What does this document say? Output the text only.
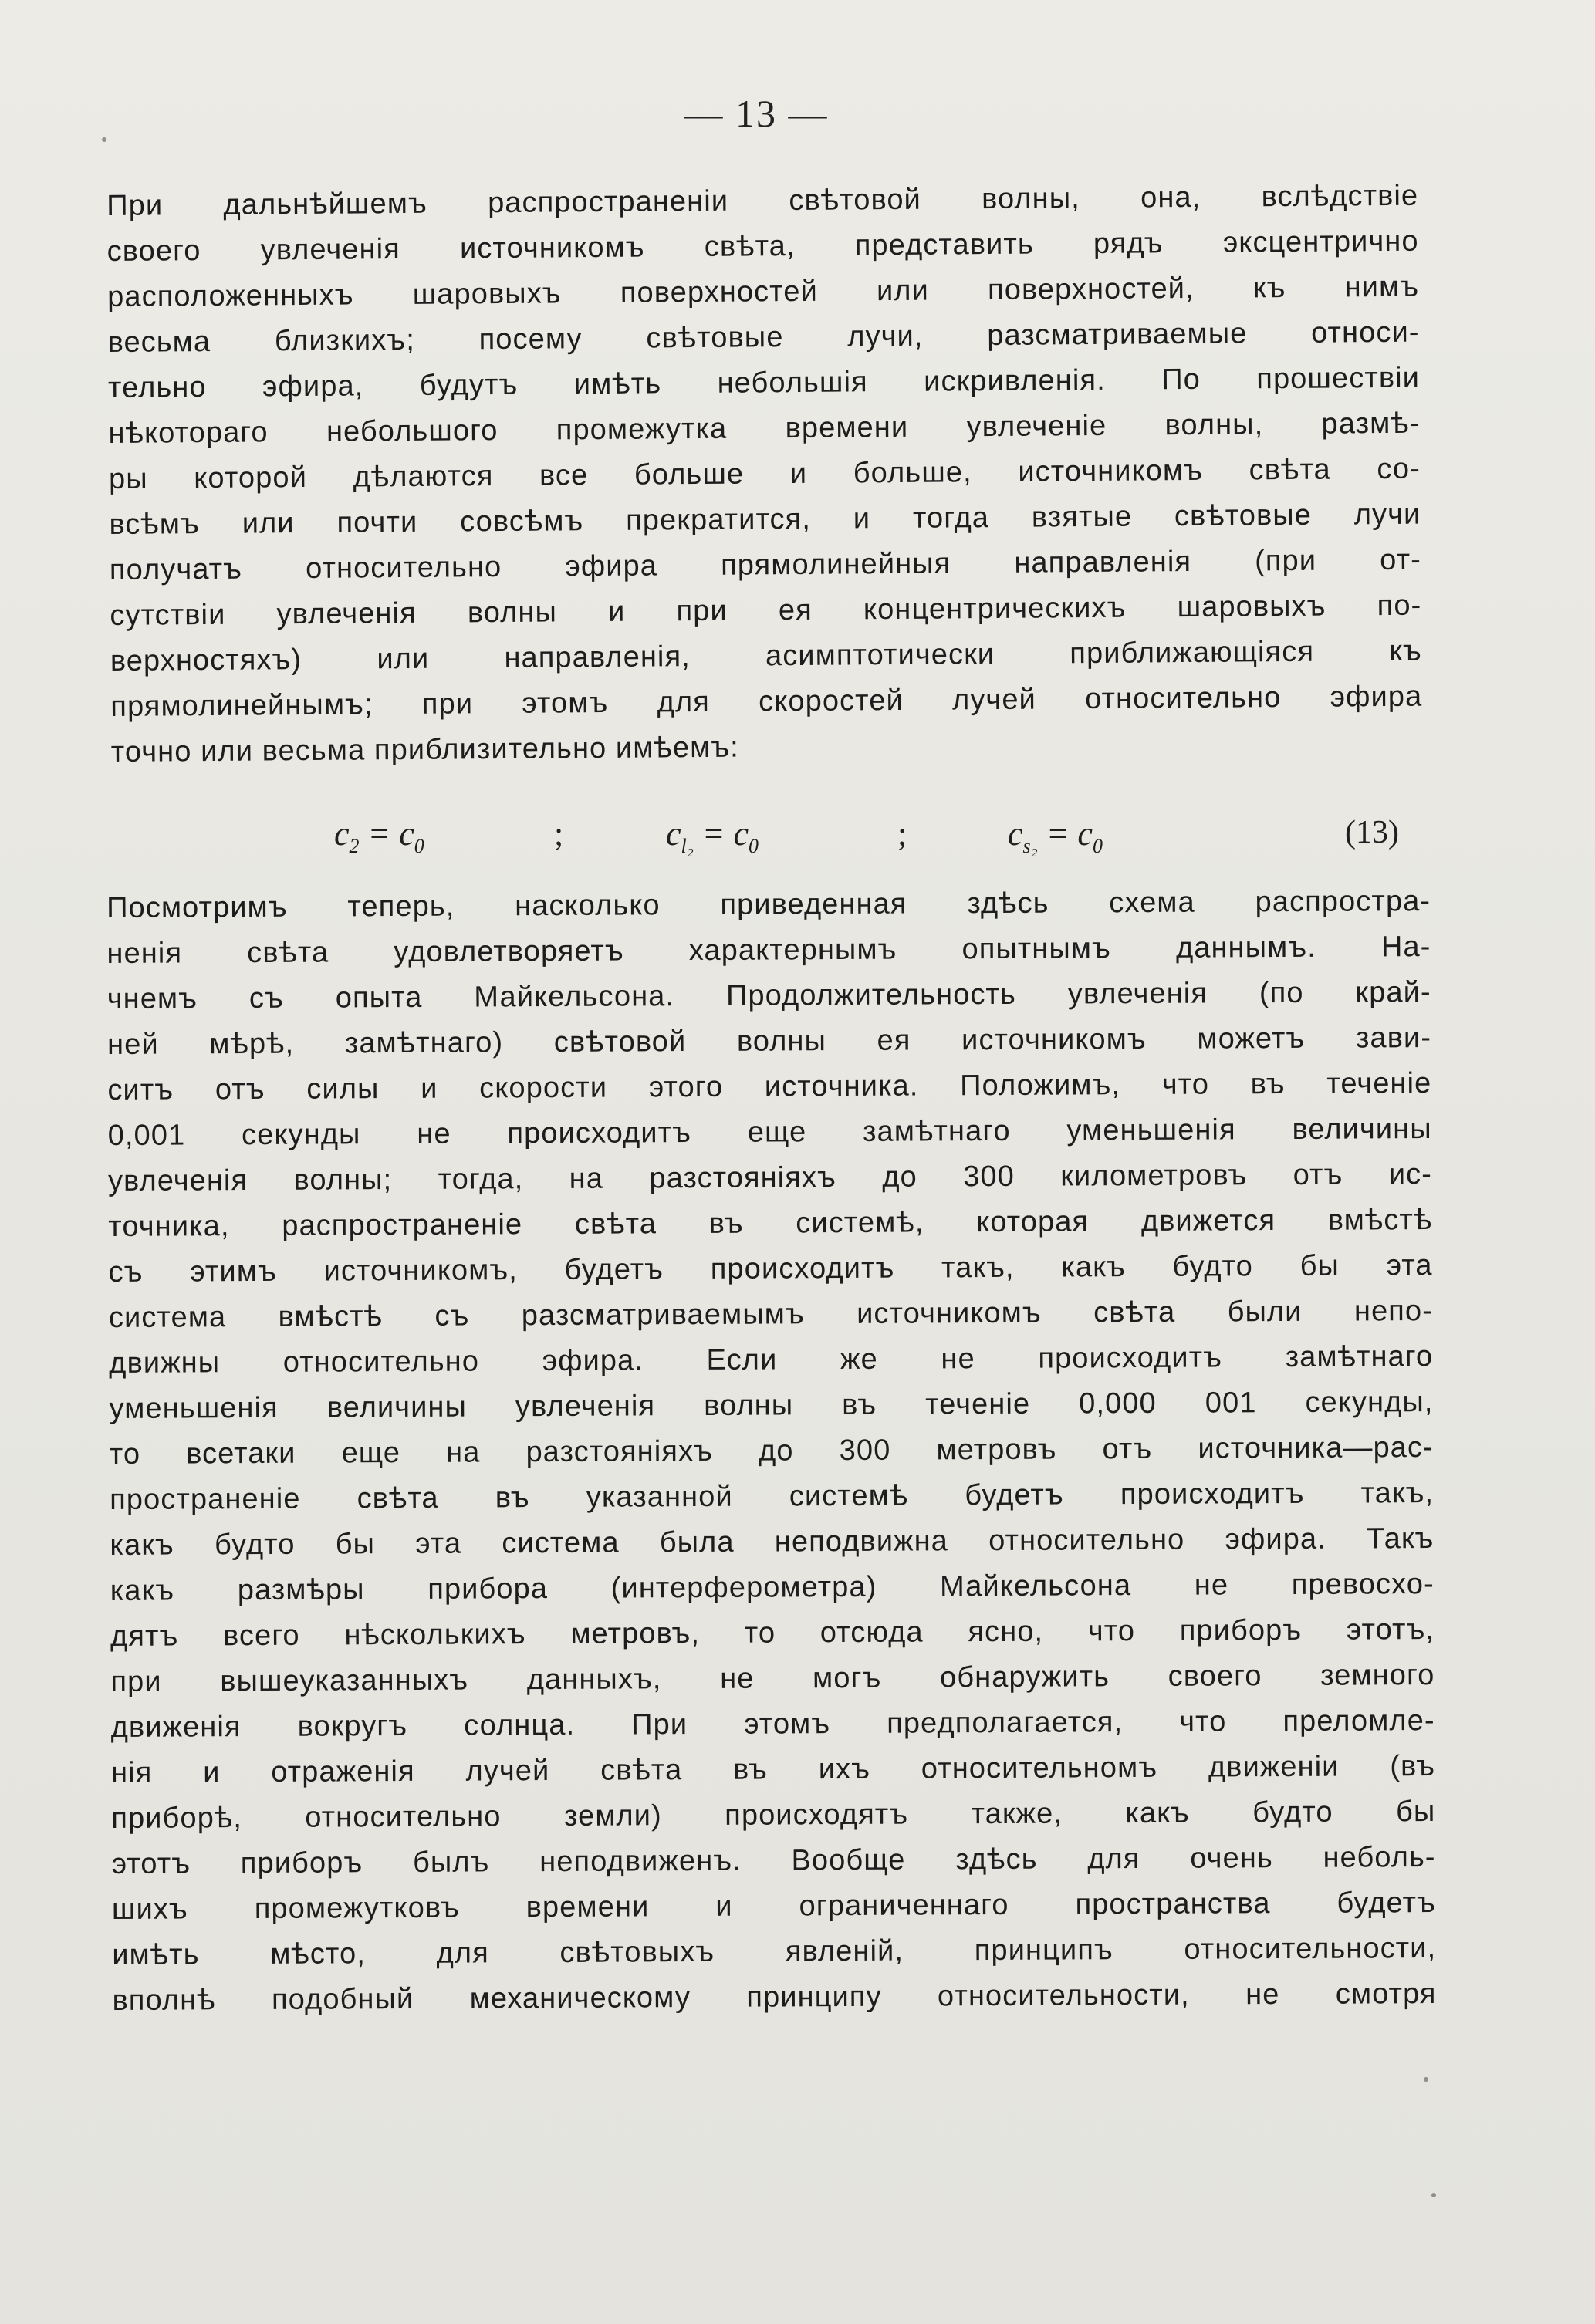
— 13 —
При дальнѣйшемъ распространеніи свѣтовой волны, она, вслѣдствіе
своего увлеченія источникомъ свѣта, представить рядъ эксцентрично
расположенныхъ шаровыхъ поверхностей или поверхностей, къ нимъ
весьма близкихъ; посему свѣтовые лучи, разсматриваемые относи-
тельно эфира, будутъ имѣть небольшія искривленія. По прошествіи
нѣкотораго небольшого промежутка времени увлеченіе волны, размѣ-
ры которой дѣлаются все больше и больше, источникомъ свѣта со-
всѣмъ или почти совсѣмъ прекратится, и тогда взятые свѣтовые лучи
получатъ относительно эфира прямолинейныя направленія (при от-
сутствіи увлеченія волны и при ея концентрическихъ шаровыхъ по-
верхностяхъ) или направленія, асимптотически приближающіяся къ
прямолинейнымъ; при этомъ для скоростей лучей относительно эфира
точно или весьма приблизительно имѣемъ:
$c_2 = c_0$	;	$c_{l_2} = c_0$	;	$c_{s_2} = c_0$	(13)
Посмотримъ теперь, насколько приведенная здѣсь схема распростра-
ненія свѣта удовлетворяетъ характернымъ опытнымъ даннымъ. На-
чнемъ съ опыта Майкельсона. Продолжительность увлеченія (по край-
ней мѣрѣ, замѣтнаго) свѣтовой волны ея источникомъ можетъ зави-
ситъ отъ силы и скорости этого источника. Положимъ, что въ теченіе
0,001 секунды не происходитъ еще замѣтнаго уменьшенія величины
увлеченія волны; тогда, на разстояніяхъ до 300 километровъ отъ ис-
точника, распространеніе свѣта въ системѣ, которая движется вмѣстѣ
съ этимъ источникомъ, будетъ происходитъ такъ, какъ будто бы эта
система вмѣстѣ съ разсматриваемымъ источникомъ свѣта были непо-
движны относительно эфира. Если же не происходитъ замѣтнаго
уменьшенія величины увлеченія волны въ теченіе 0,000 001 секунды,
то всетаки еще на разстояніяхъ до 300 метровъ отъ источника—рас-
пространеніе свѣта въ указанной системѣ будетъ происходитъ такъ,
какъ будто бы эта система была неподвижна относительно эфира. Такъ
какъ размѣры прибора (интерферометра) Майкельсона не превосхо-
дятъ всего нѣсколькихъ метровъ, то отсюда ясно, что приборъ этотъ,
при вышеуказанныхъ данныхъ, не могъ обнаружить своего земного
движенія вокругъ солнца. При этомъ предполагается, что преломле-
нія и отраженія лучей свѣта въ ихъ относительномъ движеніи (въ
приборѣ, относительно земли) происходятъ также, какъ будто бы
этотъ приборъ былъ неподвиженъ. Вообще здѣсь для очень неболь-
шихъ промежутковъ времени и ограниченнаго пространства будетъ
имѣть мѣсто, для свѣтовыхъ явленій, принципъ относительности,
вполнѣ подобный механическому принципу относительности, не смотря
